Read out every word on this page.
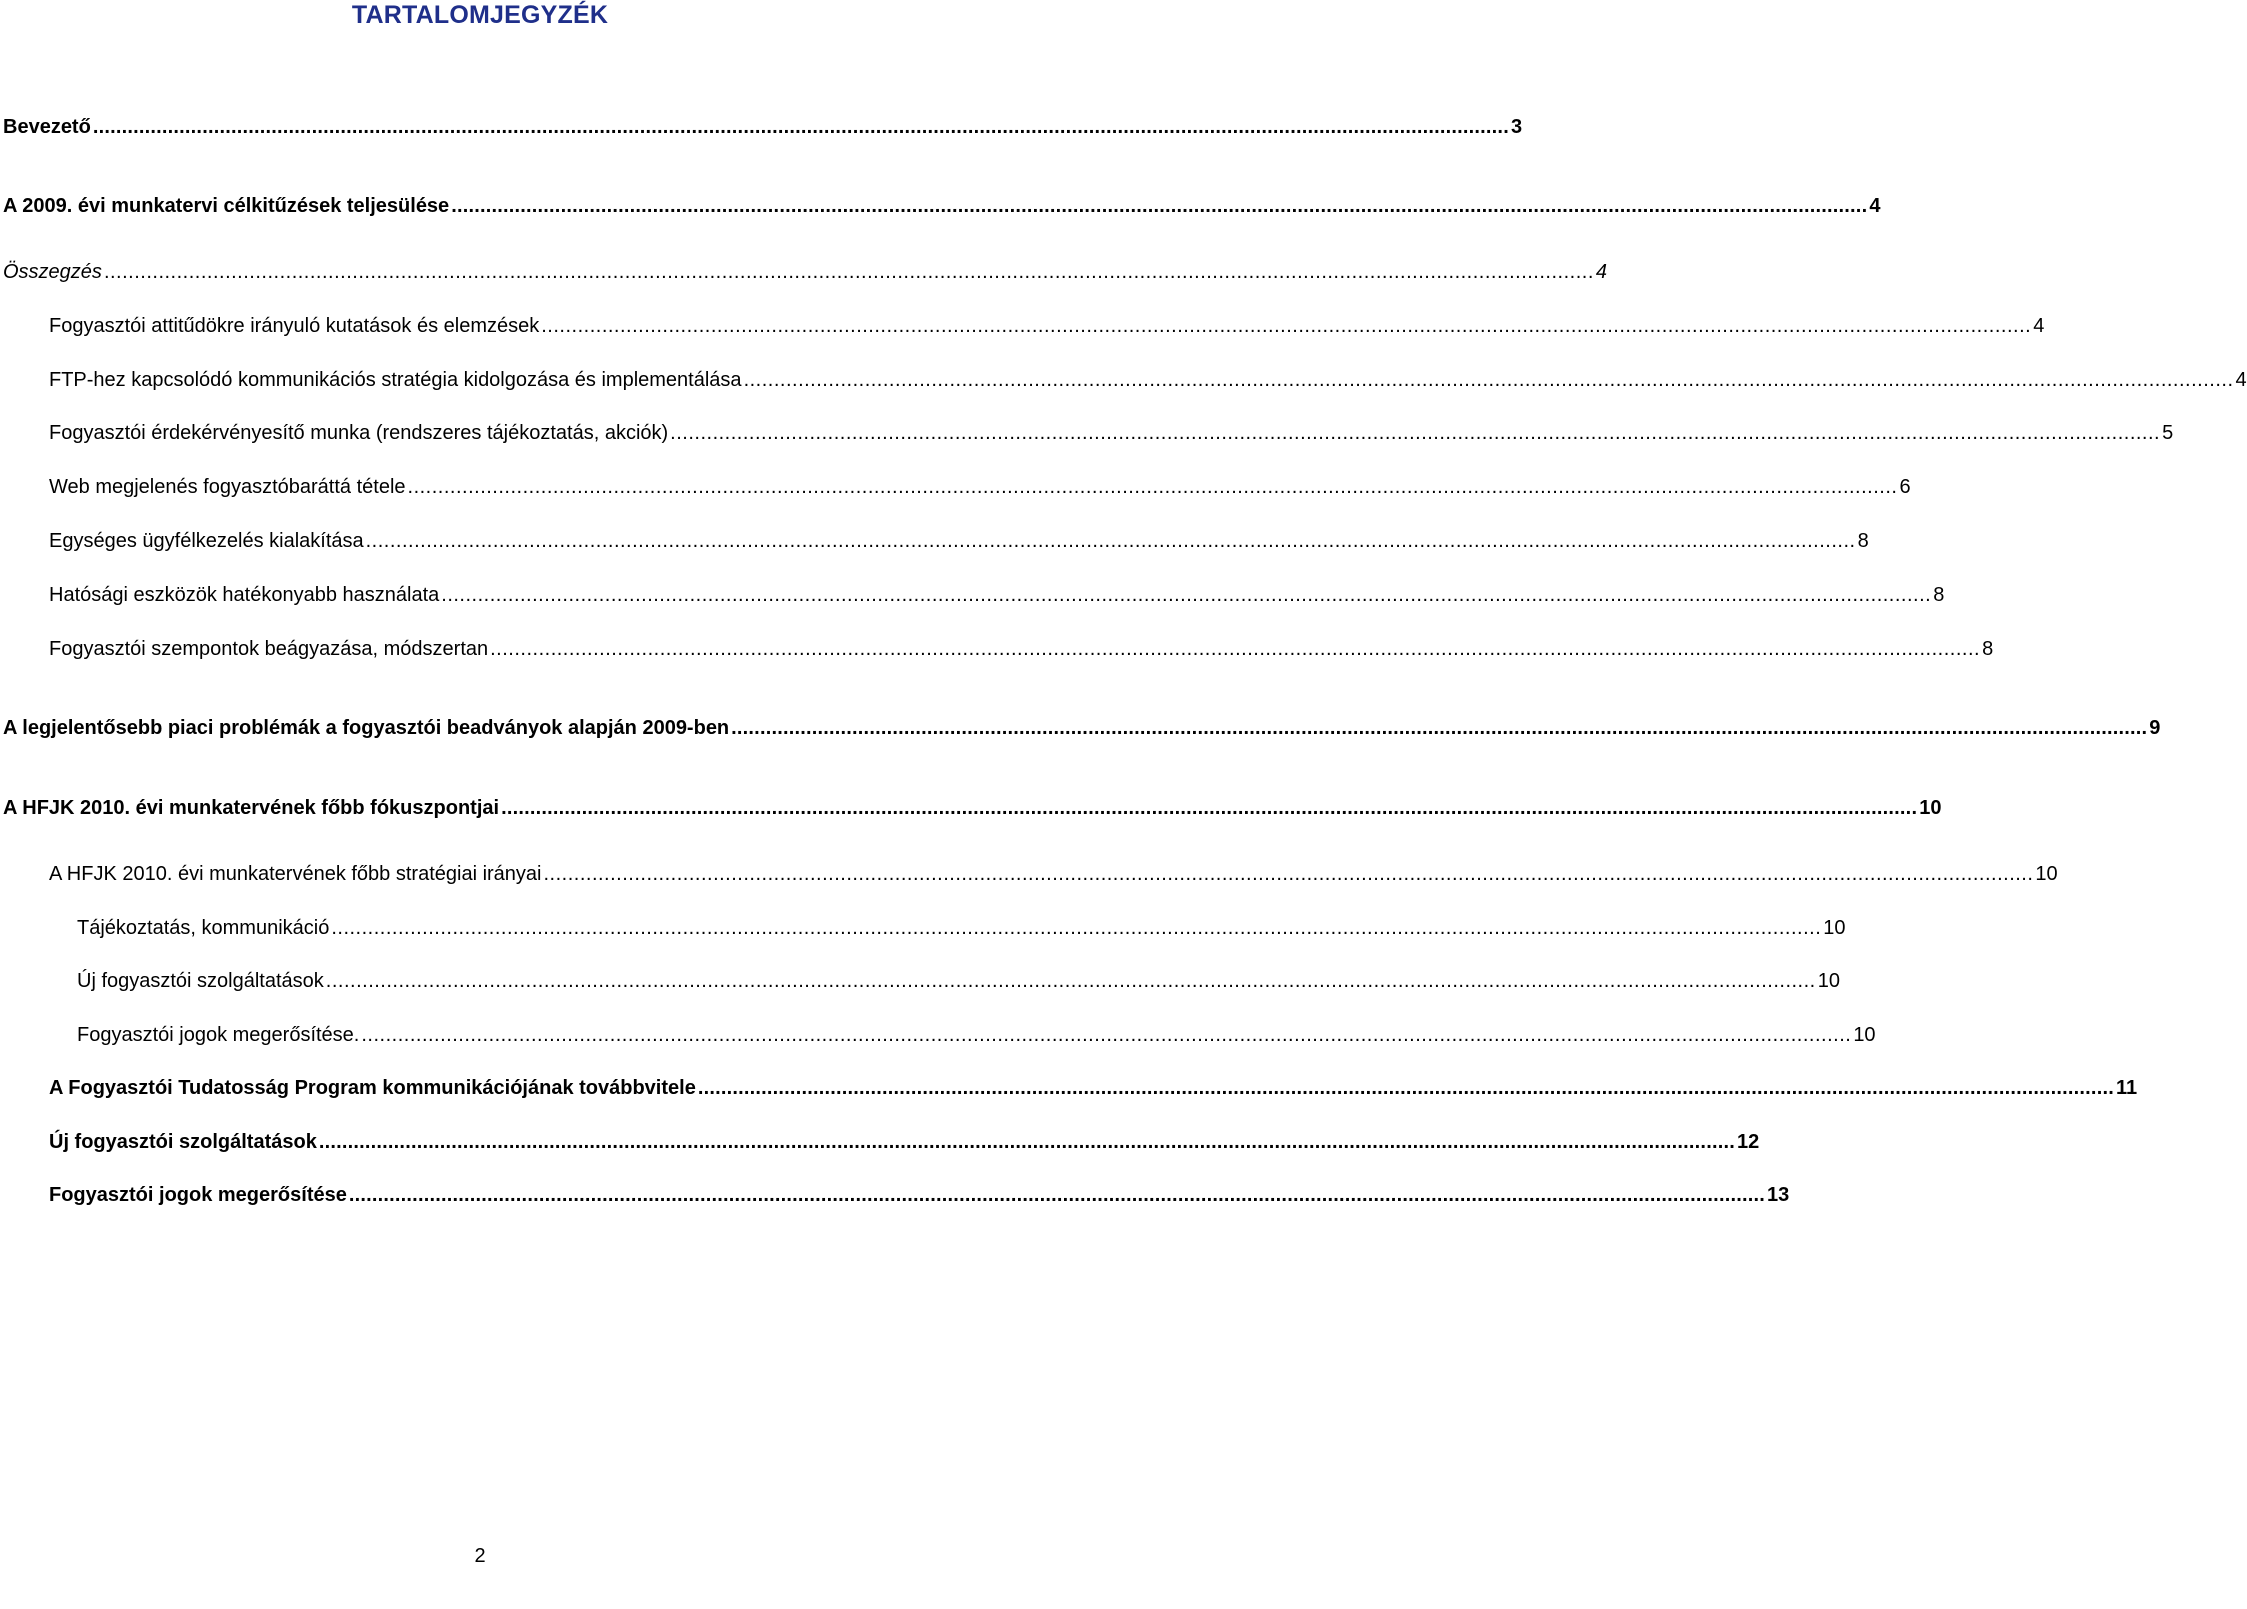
TARTALOMJEGYZÉK
Bevezető ...................................................................................................................................................................................................................................................... 3
A 2009. évi munkatervi célkitűzések teljesülése ...................................................................................................................................................................................................................................................... 4
Összegzés ...................................................................................................................................................................................................................................................... 4
Fogyasztói attitűdökre irányuló kutatások és elemzések ...................................................................................................................................................................................................................................................... 4
FTP-hez kapcsolódó kommunikációs stratégia kidolgozása és implementálása ...................................................................................................................................................................................................................................................... 4
Fogyasztói érdekérvényesítő munka (rendszeres tájékoztatás, akciók) ...................................................................................................................................................................................................................................................... 5
Web megjelenés fogyasztóbaráttá tétele ...................................................................................................................................................................................................................................................... 6
Egységes ügyfélkezelés kialakítása ...................................................................................................................................................................................................................................................... 8
Hatósági eszközök hatékonyabb használata ...................................................................................................................................................................................................................................................... 8
Fogyasztói szempontok beágyazása, módszertan ...................................................................................................................................................................................................................................................... 8
A legjelentősebb piaci problémák a fogyasztói beadványok alapján 2009-ben ...................................................................................................................................................................................................................................................... 9
A HFJK 2010. évi munkatervének főbb fókuszpontjai ...................................................................................................................................................................................................................................................... 10
A HFJK 2010. évi munkatervének főbb stratégiai irányai ...................................................................................................................................................................................................................................................... 10
Tájékoztatás, kommunikáció ...................................................................................................................................................................................................................................................... 10
Új fogyasztói szolgáltatások ...................................................................................................................................................................................................................................................... 10
Fogyasztói jogok megerősítése. ...................................................................................................................................................................................................................................................... 10
A Fogyasztói Tudatosság Program kommunikációjának továbbvitele ...................................................................................................................................................................................................................................................... 11
Új fogyasztói szolgáltatások ...................................................................................................................................................................................................................................................... 12
Fogyasztói jogok megerősítése ...................................................................................................................................................................................................................................................... 13
2
